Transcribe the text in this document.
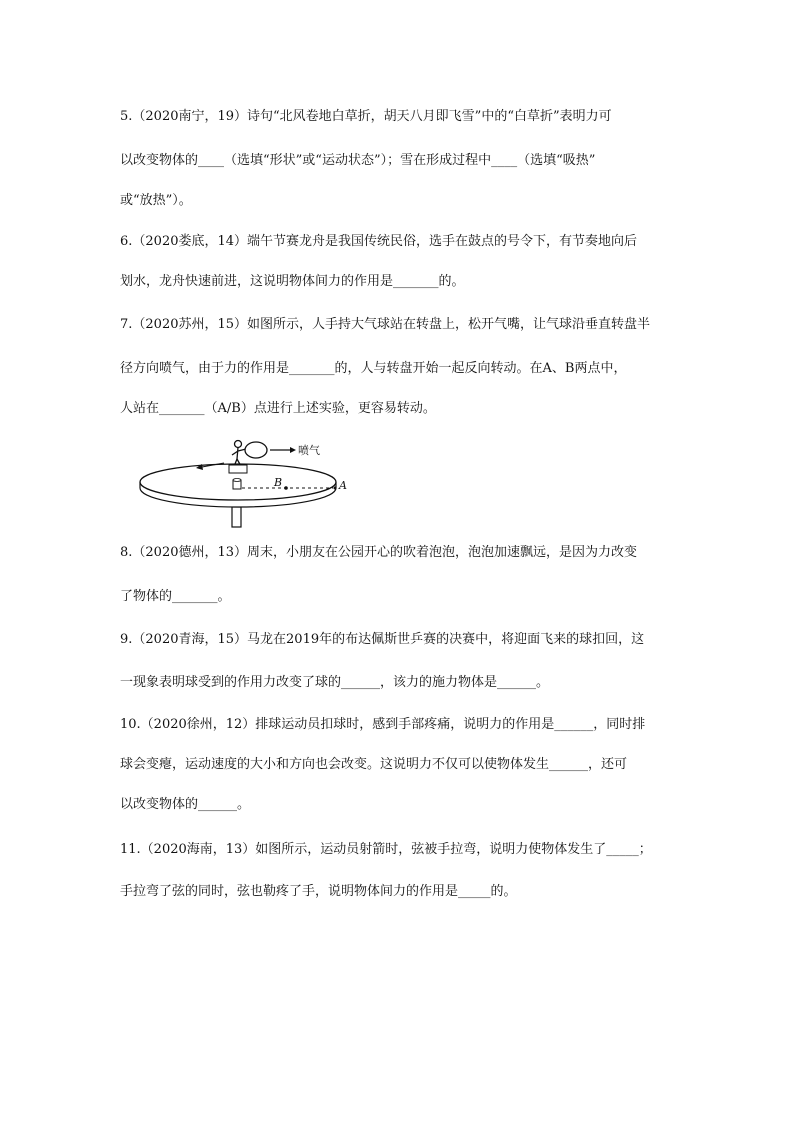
5.（2020南宁，19）诗句“北风卷地白草折，胡天八月即飞雪”中的“白草折”表明力可
以改变物体的____（选填“形状”或“运动状态”）；雪在形成过程中____（选填“吸热”
或“放热”）。
6.（2020娄底，14）端午节赛龙舟是我国传统民俗，选手在鼓点的号令下，有节奏地向后
划水，龙舟快速前进，这说明物体间力的作用是_______的。
7.（2020苏州，15）如图所示，人手持大气球站在转盘上，松开气嘴，让气球沿垂直转盘半
径方向喷气，由于力的作用是_______的，人与转盘开始一起反向转动。在A、B两点中，
人站在_______（A/B）点进行上述实验，更容易转动。
B	A
喷气
8.（2020德州，13）周末，小朋友在公园开心的吹着泡泡，泡泡加速飘远，是因为力改变
了物体的_______。
9.（2020青海，15）马龙在2019年的布达佩斯世乒赛的决赛中，将迎面飞来的球扣回，这
一现象表明球受到的作用力改变了球的______，该力的施力物体是______。
10.（2020徐州，12）排球运动员扣球时，感到手部疼痛，说明力的作用是______，同时排
球会变瘪，运动速度的大小和方向也会改变。这说明力不仅可以使物体发生______，还可
以改变物体的______。
11.（2020海南，13）如图所示，运动员射箭时，弦被手拉弯，说明力使物体发生了_____；
手拉弯了弦的同时，弦也勒疼了手，说明物体间力的作用是_____的。
